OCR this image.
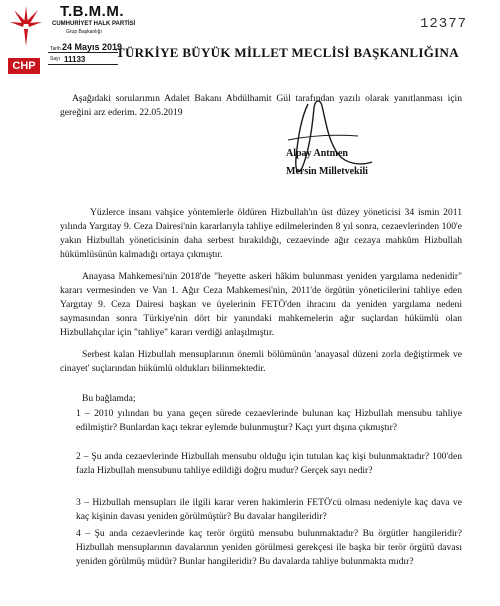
CHP
T.B.M.M.
CUMHURİYET HALK PARTİSİ
Grup Başkanlığı
Tarih 24 Mayıs 2019
Sayı 11133
12377
TÜRKİYE BÜYÜK MİLLET MECLİSİ BAŞKANLIĞINA
Aşağıdaki sorularımın Adalet Bakanı Abdülhamit Gül tarafından yazılı olarak yanıtlanması için gereğini arz ederim. 22.05.2019
Alpay Antmen
Mersin Milletvekili
Yüzlerce insanı vahşice yöntemlerle öldüren Hizbullah'ın üst düzey yöneticisi 34 ismin 2011 yılında Yargıtay 9. Ceza Dairesi'nin kararlarıyla tahliye edilmelerinden 8 yıl sonra, cezaevlerinden 100'e yakın Hizbullah yöneticisinin daha serbest bırakıldığı, cezaevinde ağır cezaya mahkûm Hizbullah hükümlüsünün kalmadığı ortaya çıkmıştır.
Anayasa Mahkemesi'nin 2018'de "heyette askeri hâkim bulunması yeniden yargılama nedenidir" kararı vermesinden ve Van 1. Ağır Ceza Mahkemesi'nin, 2011'de örgütün yöneticilerini tahliye eden Yargıtay 9. Ceza Dairesi başkan ve üyelerinin FETÖ'den ihracını da yeniden yargılama nedeni saymasından sonra Türkiye'nin dört bir yanındaki mahkemelerin ağır suçlardan hükümlü olan Hizbullahçılar için "tahliye" kararı verdiği anlaşılmıştır.
Serbest kalan Hizbullah mensuplarının önemli bölümünün 'anayasal düzeni zorla değiştirmek ve cinayet' suçlarından hükümlü oldukları bilinmektedir.
Bu bağlamda;
1 – 2010 yılından bu yana geçen sürede cezaevlerinde bulunan kaç Hizbullah mensubu tahliye edilmiştir? Bunlardan kaçı tekrar eylemde bulunmuştur? Kaçı yurt dışına çıkmıştır?
2 – Şu anda cezaevlerinde Hizbullah mensubu olduğu için tutulan kaç kişi bulunmaktadır? 100'den fazla Hizbullah mensubunu tahliye edildiği doğru mudur? Gerçek sayı nedir?
3 – Hizbullah mensupları ile ilgili karar veren hakimlerin FETÖ'cü olması nedeniyle kaç dava ve kaç kişinin davası yeniden görülmüştür? Bu davalar hangileridir?
4 – Şu anda cezaevlerinde kaç terör örgütü mensubu bulunmaktadır? Bu örgütler hangileridir? Hizbullah mensuplarının davalarının yeniden görülmesi gerekçesi ile başka bir terör örgütü davası yeniden görülmüş müdür? Bunlar hangileridir? Bu davalarda tahliye bulunmakta mıdır?
